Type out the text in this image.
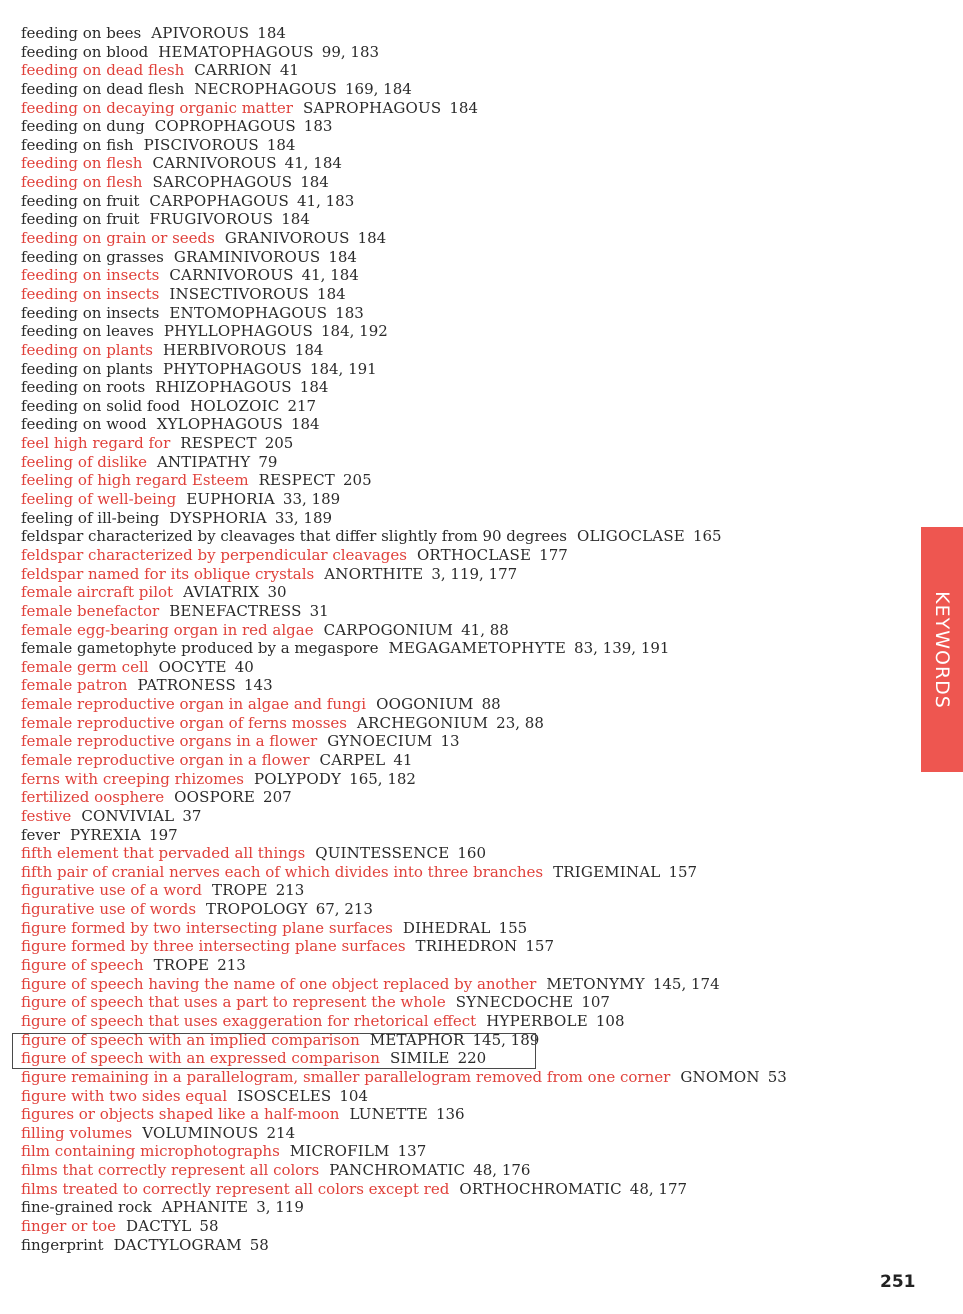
feeding on bees APIVOROUS 184
feeding on blood HEMATOPHAGOUS 99, 183
feeding on dead flesh CARRION 41
feeding on dead flesh NECROPHAGOUS 169, 184
feeding on decaying organic matter SAPROPHAGOUS 184
feeding on dung COPROPHAGOUS 183
feeding on fish PISCIVOROUS 184
feeding on flesh CARNIVOROUS 41, 184
feeding on flesh SARCOPHAGOUS 184
feeding on fruit CARPOPHAGOUS 41, 183
feeding on fruit FRUGIVOROUS 184
feeding on grain or seeds GRANIVOROUS 184
feeding on grasses GRAMINIVOROUS 184
feeding on insects CARNIVOROUS 41, 184
feeding on insects INSECTIVOROUS 184
feeding on insects ENTOMOPHAGOUS 183
feeding on leaves PHYLLOPHAGOUS 184, 192
feeding on plants HERBIVOROUS 184
feeding on plants PHYTOPHAGOUS 184, 191
feeding on roots RHIZOPHAGOUS 184
feeding on solid food HOLOZOIC 217
feeding on wood XYLOPHAGOUS 184
feel high regard for RESPECT 205
feeling of dislike ANTIPATHY 79
feeling of high regard Esteem RESPECT 205
feeling of well-being EUPHORIA 33, 189
feeling of ill-being DYSPHORIA 33, 189
feldspar characterized by cleavages that differ slightly from 90 degrees OLIGOCLASE 165
feldspar characterized by perpendicular cleavages ORTHOCLASE 177
feldspar named for its oblique crystals ANORTHITE 3, 119, 177
female aircraft pilot AVIATRIX 30
female benefactor BENEFACTRESS 31
female egg-bearing organ in red algae CARPOGONIUM 41, 88
female gametophyte produced by a megaspore MEGAGAMETOPHYTE 83, 139, 191
female germ cell OOCYTE 40
female patron PATRONESS 143
female reproductive organ in algae and fungi OOGONIUM 88
female reproductive organ of ferns mosses ARCHEGONIUM 23, 88
female reproductive organs in a flower GYNOECIUM 13
female reproductive organ in a flower CARPEL 41
ferns with creeping rhizomes POLYPODY 165, 182
fertilized oosphere OOSPORE 207
festive CONVIVIAL 37
fever PYREXIA 197
fifth element that pervaded all things QUINTESSENCE 160
fifth pair of cranial nerves each of which divides into three branches TRIGEMINAL 157
figurative use of a word TROPE 213
figurative use of words TROPOLOGY 67, 213
figure formed by two intersecting plane surfaces DIHEDRAL 155
figure formed by three intersecting plane surfaces TRIHEDRON 157
figure of speech TROPE 213
figure of speech having the name of one object replaced by another METONYMY 145, 174
figure of speech that uses a part to represent the whole SYNECDOCHE 107
figure of speech that uses exaggeration for rhetorical effect HYPERBOLE 108
figure of speech with an implied comparison METAPHOR 145, 189
figure of speech with an expressed comparison SIMILE 220
figure remaining in a parallelogram, smaller parallelogram removed from one corner GNOMON 53
figure with two sides equal ISOSCELES 104
figures or objects shaped like a half-moon LUNETTE 136
filling volumes VOLUMINOUS 214
film containing microphotographs MICROFILM 137
films that correctly represent all colors PANCHROMATIC 48, 176
films treated to correctly represent all colors except red ORTHOCHROMATIC 48, 177
fine-grained rock APHANITE 3, 119
finger or toe DACTYL 58
fingerprint DACTYLOGRAM 58
KEYWORDS
251
